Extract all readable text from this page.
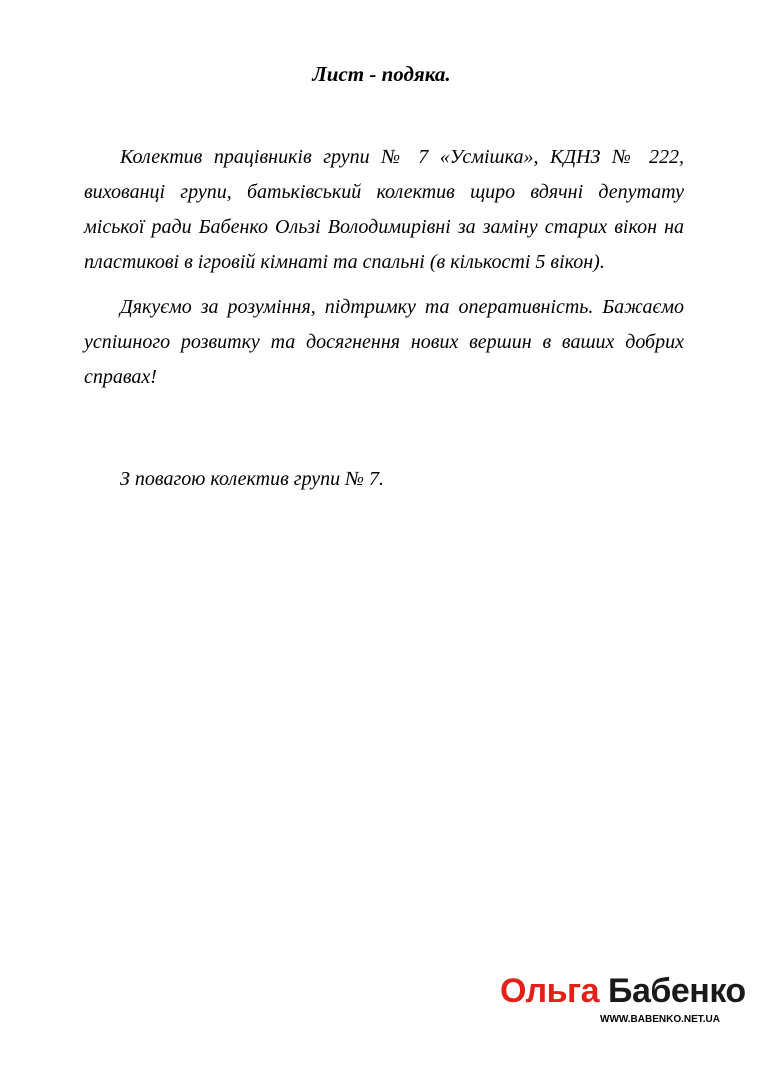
Лист - подяка.

Колектив працівників групи № 7 «Усмішка», КДНЗ № 222, вихованці групи, батьківський колектив щиро вдячні депутату міської ради Бабенко Ользі Володимирівні за заміну старих вікон на пластикові в ігровій кімнаті та спальні (в кількості 5 вікон).

Дякуємо за розуміння, підтримку та оперативність. Бажаємо успішного розвитку та досягнення нових вершин в ваших добрих справах!

З повагою колектив групи № 7.

Ольга Бабенко
WWW.BABENKO.NET.UA
